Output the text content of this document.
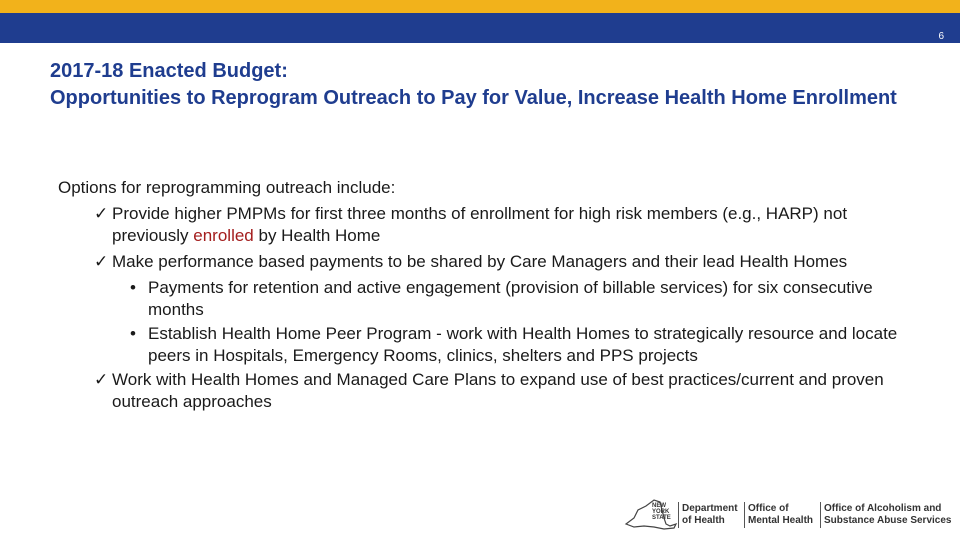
6
2017-18 Enacted Budget:
Opportunities to Reprogram Outreach to Pay for Value, Increase Health Home Enrollment

Options for reprogramming outreach include:

✓ Provide higher PMPMs for first three months of enrollment for high risk members (e.g., HARP) not previously enrolled by Health Home

✓ Make performance based payments to be shared by Care Managers and their lead Health Homes

• Payments for retention and active engagement (provision of billable services) for six consecutive months

• Establish Health Home Peer Program - work with Health Homes to strategically resource and locate peers in Hospitals, Emergency Rooms, clinics, shelters and PPS projects

✓ Work with Health Homes and Managed Care Plans to expand use of best practices/current and proven outreach approaches

NEW
YORK
STATE
Department
of Health
Office of
Mental Health
Office of Alcoholism and
Substance Abuse Services
